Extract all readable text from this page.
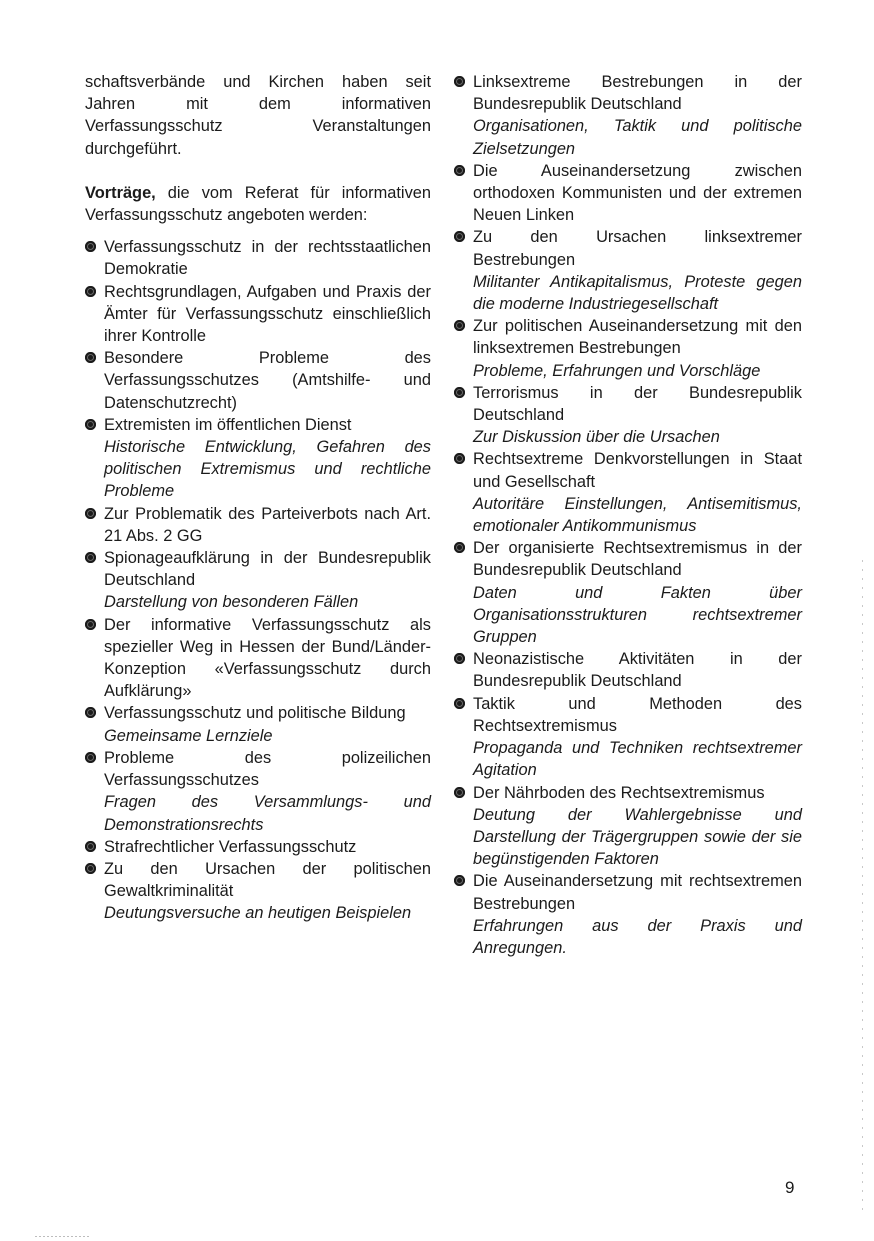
schaftsverbände und Kirchen haben seit Jahren mit dem informativen Verfassungsschutz Veranstaltungen durchgeführt.

Vorträge, die vom Referat für informativen Verfassungsschutz angeboten werden:

Verfassungsschutz in der rechtsstaatlichen Demokratie
Rechtsgrundlagen, Aufgaben und Praxis der Ämter für Verfassungsschutz einschließlich ihrer Kontrolle
Besondere Probleme des Verfassungsschutzes (Amtshilfe- und Datenschutzrecht)
Extremisten im öffentlichen Dienst
Historische Entwicklung, Gefahren des politischen Extremismus und rechtliche Probleme
Zur Problematik des Parteiverbots nach Art. 21 Abs. 2 GG
Spionageaufklärung in der Bundesrepublik Deutschland
Darstellung von besonderen Fällen
Der informative Verfassungsschutz als spezieller Weg in Hessen der Bund/Länder-Konzeption «Verfassungsschutz durch Aufklärung»
Verfassungsschutz und politische Bildung
Gemeinsame Lernziele
Probleme des polizeilichen Verfassungsschutzes
Fragen des Versammlungs- und Demonstrationsrechts
Strafrechtlicher Verfassungsschutz
Zu den Ursachen der politischen Gewaltkriminalität
Deutungsversuche an heutigen Beispielen
Linksextreme Bestrebungen in der Bundesrepublik Deutschland
Organisationen, Taktik und politische Zielsetzungen
Die Auseinandersetzung zwischen orthodoxen Kommunisten und der extremen Neuen Linken
Zu den Ursachen linksextremer Bestrebungen
Militanter Antikapitalismus, Proteste gegen die moderne Industriegesellschaft
Zur politischen Auseinandersetzung mit den linksextremen Bestrebungen
Probleme, Erfahrungen und Vorschläge
Terrorismus in der Bundesrepublik Deutschland
Zur Diskussion über die Ursachen
Rechtsextreme Denkvorstellungen in Staat und Gesellschaft
Autoritäre Einstellungen, Antisemitismus, emotionaler Antikommunismus
Der organisierte Rechtsextremismus in der Bundesrepublik Deutschland
Daten und Fakten über Organisationsstrukturen rechtsextremer Gruppen
Neonazistische Aktivitäten in der Bundesrepublik Deutschland
Taktik und Methoden des Rechtsextremismus
Propaganda und Techniken rechtsextremer Agitation
Der Nährboden des Rechtsextremismus
Deutung der Wahlergebnisse und Darstellung der Trägergruppen sowie der sie begünstigenden Faktoren
Die Auseinandersetzung mit rechtsextremen Bestrebungen
Erfahrungen aus der Praxis und Anregungen.
9
